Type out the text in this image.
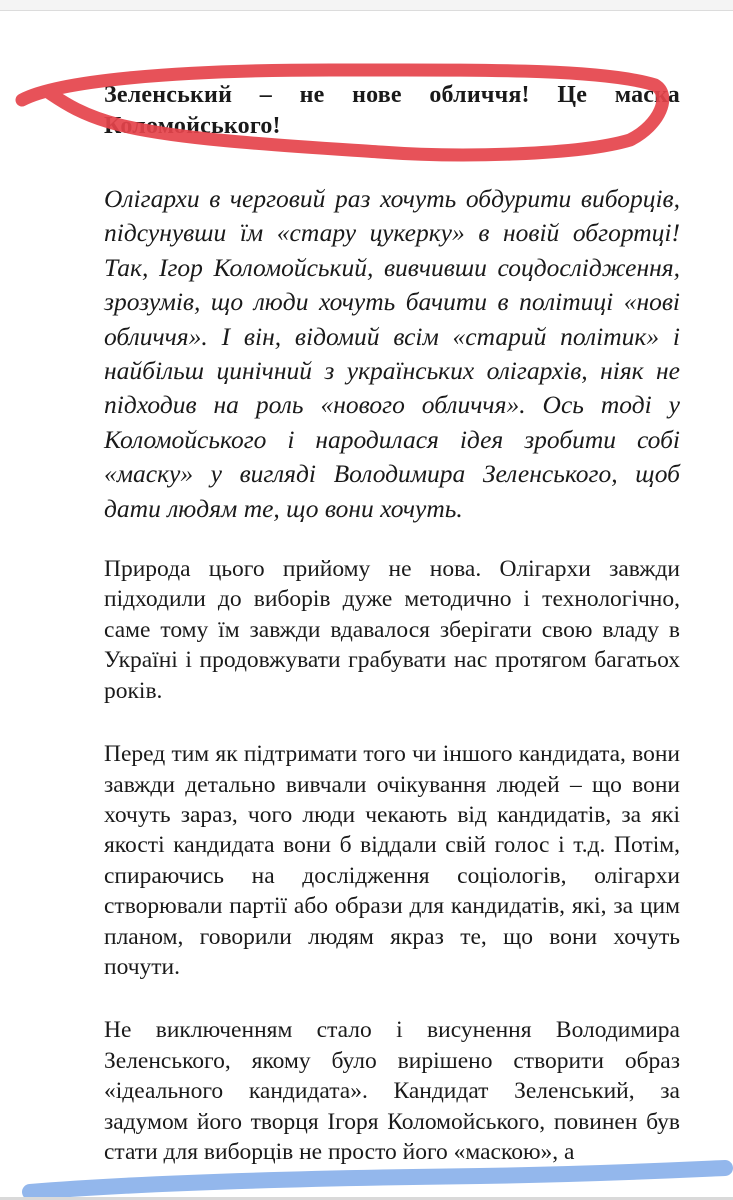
Зеленський – не нове обличчя! Це маска Коломойського!

Олігархи в черговий раз хочуть обдурити виборців, підсунувши їм «стару цукерку» в новій обгортці! Так, Ігор Коломойський, вивчивши соцдослідження, зрозумів, що люди хочуть бачити в політиці «нові обличчя». І він, відомий всім «старий політик» і найбільш цинічний з українських олігархів, ніяк не підходив на роль «нового обличчя». Ось тоді у Коломойського і народилася ідея зробити собі «маску» у вигляді Володимира Зеленського, щоб дати людям те, що вони хочуть.

Природа цього прийому не нова. Олігархи завжди підходили до виборів дуже методично і технологічно, саме тому їм завжди вдавалося зберігати свою владу в Україні і продовжувати грабувати нас протягом багатьох років.

Перед тим як підтримати того чи іншого кандидата, вони завжди детально вивчали очікування людей – що вони хочуть зараз, чого люди чекають від кандидатів, за які якості кандидата вони б віддали свій голос і т.д. Потім, спираючись на дослідження соціологів, олігархи створювали партії або образи для кандидатів, які, за цим планом, говорили людям якраз те, що вони хочуть почути.

Не виключенням стало і висунення Володимира Зеленського, якому було вирішено створити образ «ідеального кандидата». Кандидат Зеленський, за задумом його творця Ігоря Коломойського, повинен був стати для виборців не просто його «маскою», а
